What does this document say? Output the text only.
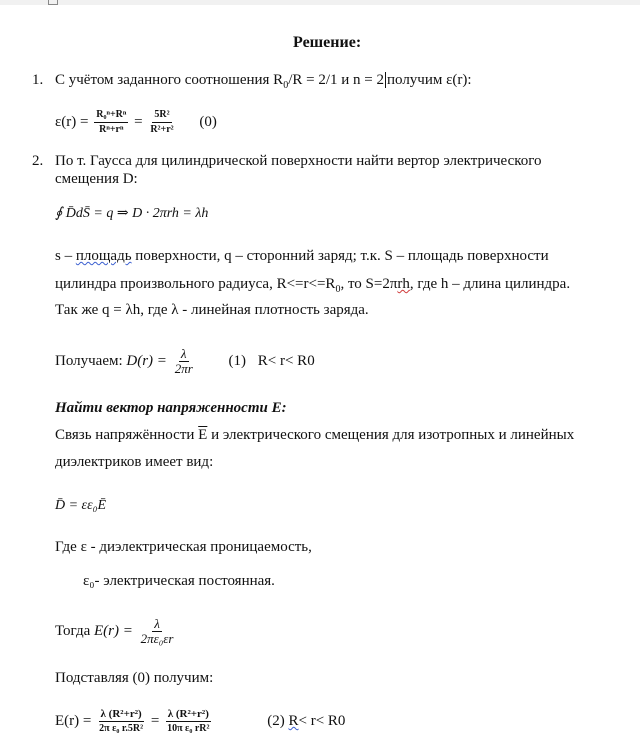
Решение:
1. С учётом заданного соотношения $R_0/R = 2/1$ и n = 2 получим ε(r):
$\varepsilon(r) = \frac{\text{R₀ⁿ+Rⁿ}}{\text{Rⁿ+rⁿ}} = \frac{\text{5R²}}{\text{R²+r²}} (0)$
2. По т. Гаусса для цилиндрической поверхности найти вертор электрического
смещения D:
∮ D̄dS̄ = q ⇒ D · 2πrh = λh
s – площадь поверхности, q – сторонний заряд; т.к. S – площадь поверхности
цилиндра произвольного радиуса, $R<=r<=R_0$, то S=2πrh, где h – длина цилиндра.
Так же q = λh, где λ - линейная плотность заряда.
Получаем: $D(r) = \frac{\lambda}{2\pi r} (1)$ R< r< R0
Найти вектор напряженности E:
Связь напряжённости $\overline{E}$ и электрического смещения для изотропных и линейных
диэлектриков имеет вид:
D̄ = εε₀Ē
Где ε - диэлектрическая проницаемость,
ε₀- электрическая постоянная.
Тогда $E(r) = \frac{\lambda}{\text{2πε₀εr}}$
Подставляя (0) получим:
$E(r) = \frac{\text{λ (R²+r²)}}{\text{2π ε₀ r.5R²}} = \frac{\text{λ (R²+r²)}}{\text{10π ε₀ rR²}}$	(2) R< r< R0
